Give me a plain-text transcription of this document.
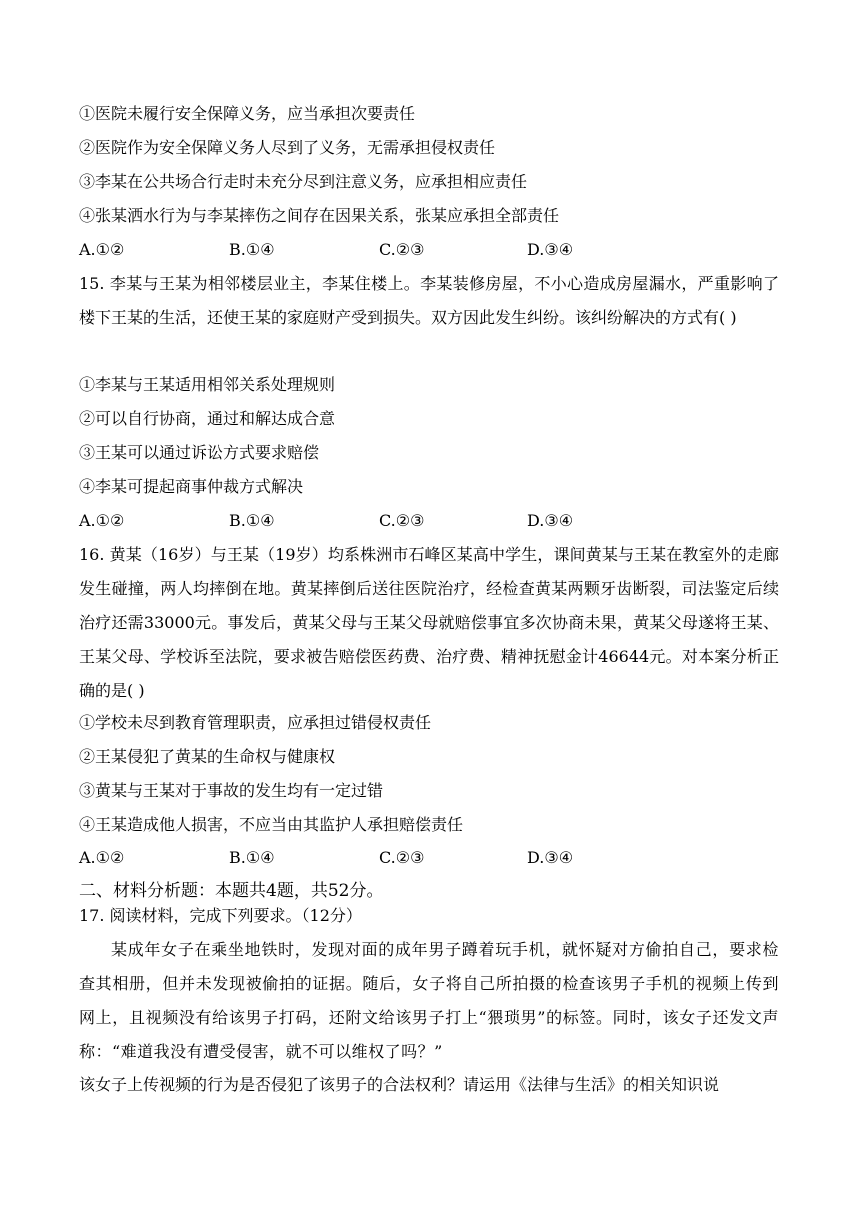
①医院未履行安全保障义务，应当承担次要责任
②医院作为安全保障义务人尽到了义务，无需承担侵权责任
③李某在公共场合行走时未充分尽到注意义务，应承担相应责任
④张某洒水行为与李某摔伤之间存在因果关系，张某应承担全部责任
A.①②	B.①④	C.②③	D.③④
15. 李某与王某为相邻楼层业主，李某住楼上。李某装修房屋，不小心造成房屋漏水，严重影响了楼下王某的生活，还使王某的家庭财产受到损失。双方因此发生纠纷。该纠纷解决的方式有( )
①李某与王某适用相邻关系处理规则
②可以自行协商，通过和解达成合意
③王某可以通过诉讼方式要求赔偿
④李某可提起商事仲裁方式解决
A.①②	B.①④	C.②③	D.③④
16. 黄某（16岁）与王某（19岁）均系株洲市石峰区某高中学生，课间黄某与王某在教室外的走廊发生碰撞，两人均摔倒在地。黄某摔倒后送往医院治疗，经检查黄某两颗牙齿断裂，司法鉴定后续治疗还需33000元。事发后，黄某父母与王某父母就赔偿事宜多次协商未果，黄某父母遂将王某、王某父母、学校诉至法院，要求被告赔偿医药费、治疗费、精神抚慰金计46644元。对本案分析正确的是( )
①学校未尽到教育管理职责，应承担过错侵权责任
②王某侵犯了黄某的生命权与健康权
③黄某与王某对于事故的发生均有一定过错
④王某造成他人损害，不应当由其监护人承担赔偿责任
A.①②	B.①④	C.②③	D.③④
二、材料分析题：本题共4题，共52分。
17. 阅读材料，完成下列要求。（12分）
某成年女子在乘坐地铁时，发现对面的成年男子蹲着玩手机，就怀疑对方偷拍自己，要求检查其相册，但并未发现被偷拍的证据。随后，女子将自己所拍摄的检查该男子手机的视频上传到网上，且视频没有给该男子打码，还附文给该男子打上“猥琐男”的标签。同时，该女子还发文声称：“难道我没有遭受侵害，就不可以维权了吗？”
该女子上传视频的行为是否侵犯了该男子的合法权利？请运用《法律与生活》的相关知识说
